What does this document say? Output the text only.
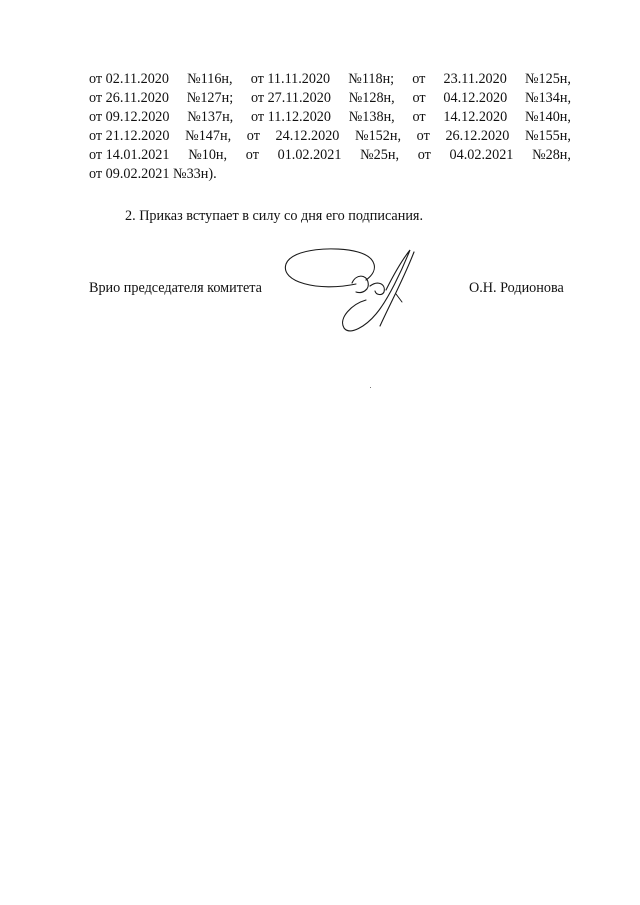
от 02.11.2020 №116н, от 11.11.2020 №118н; от 23.11.2020 №125н,
от 26.11.2020 №127н; от 27.11.2020 №128н, от 04.12.2020 №134н,
от 09.12.2020 №137н, от 11.12.2020 №138н, от 14.12.2020 №140н,
от 21.12.2020 №147н, от 24.12.2020 №152н, от 26.12.2020 №155н,
от 14.01.2021 №10н, от 01.02.2021 №25н, от 04.02.2021 №28н,
от 09.02.2021 №33н).
2. Приказ вступает в силу со дня его подписания.
Врио председателя комитета	О.Н. Родионова
